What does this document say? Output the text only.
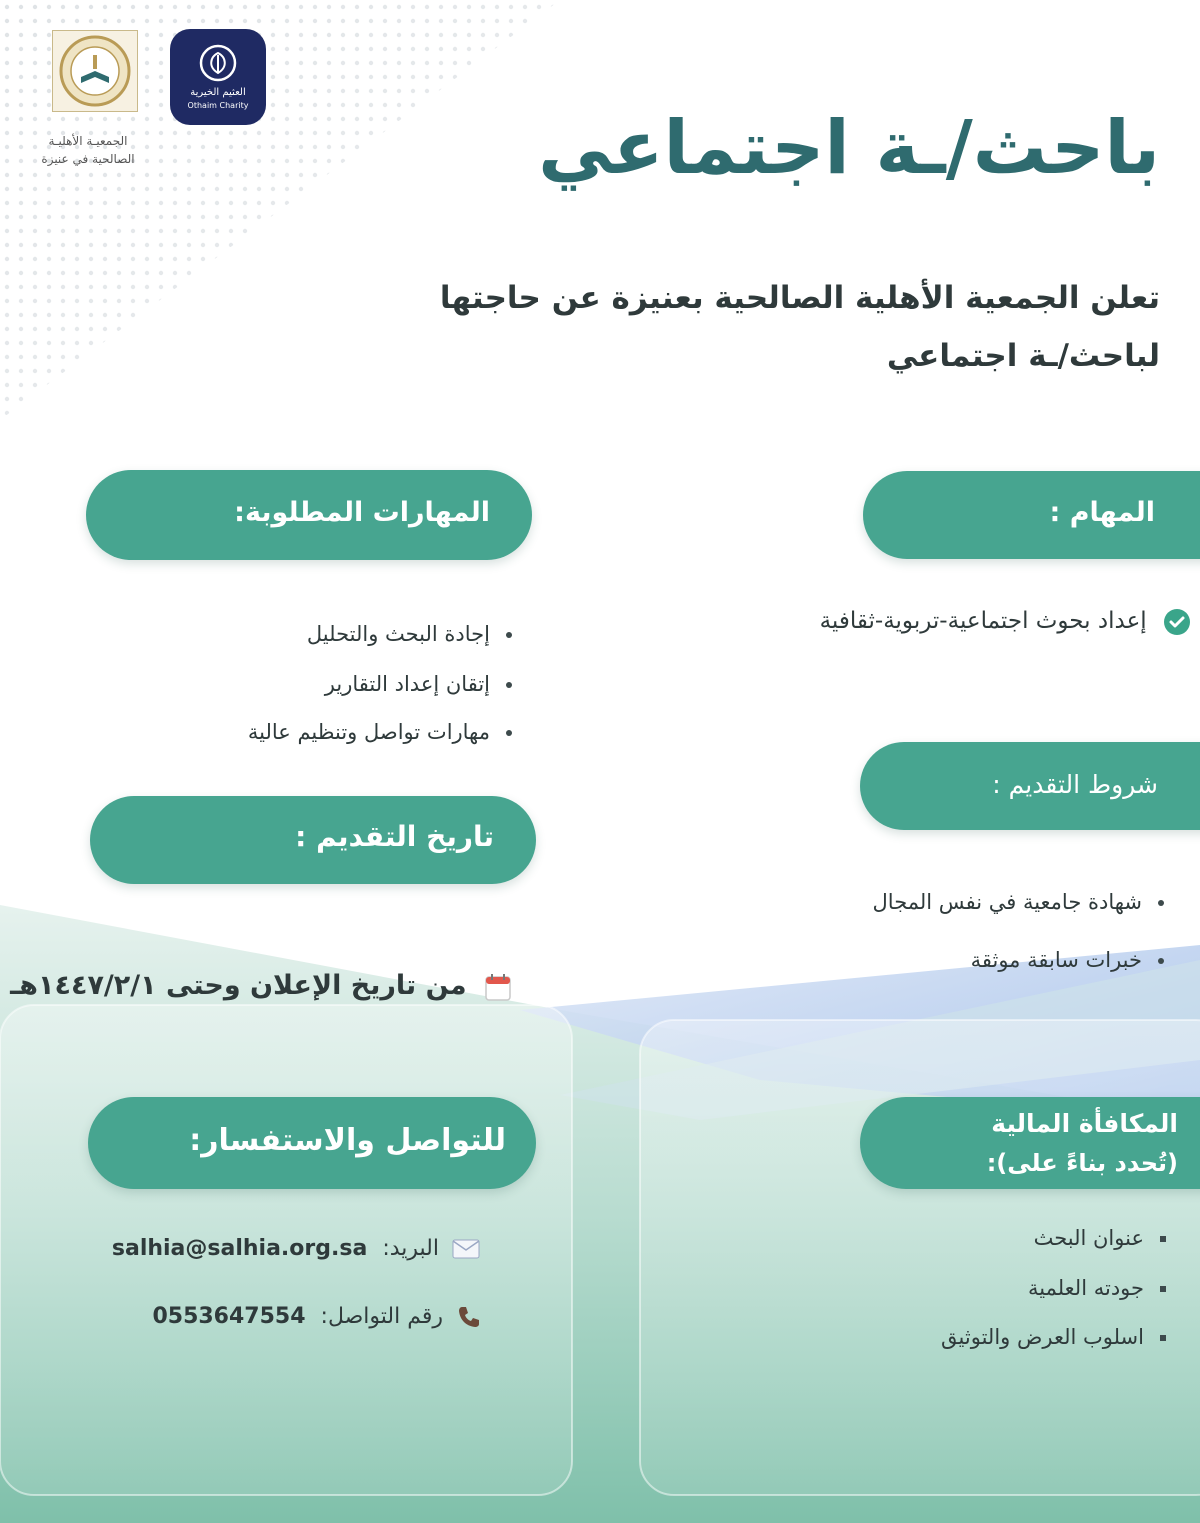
الجمعيـة الأهليـة
الصالحية في عنيزة
العثيم الخيرية
Othaim Charity	باحث/ـة اجتماعي
تعلن الجمعية الأهلية الصالحية بعنيزة عن حاجتها
لباحث/ـة اجتماعي
المهام :
إعداد بحوث اجتماعية-تربوية-ثقافية
المهارات المطلوبة:
إجادة البحث والتحليل
إتقان إعداد التقارير
مهارات تواصل وتنظيم عالية
شروط التقديم :
شهادة جامعية في نفس المجال
خبرات سابقة موثقة
تاريخ التقديم :
من تاريخ الإعلان وحتى ١٤٤٧/٢/١هـ
المكافأة المالية
(تُحدد بناءً على):
عنوان البحث
جودته العلمية
اسلوب العرض والتوثيق
للتواصل والاستفسار:
البريد: salhia@salhia.org.sa
رقم التواصل: 0553647554
